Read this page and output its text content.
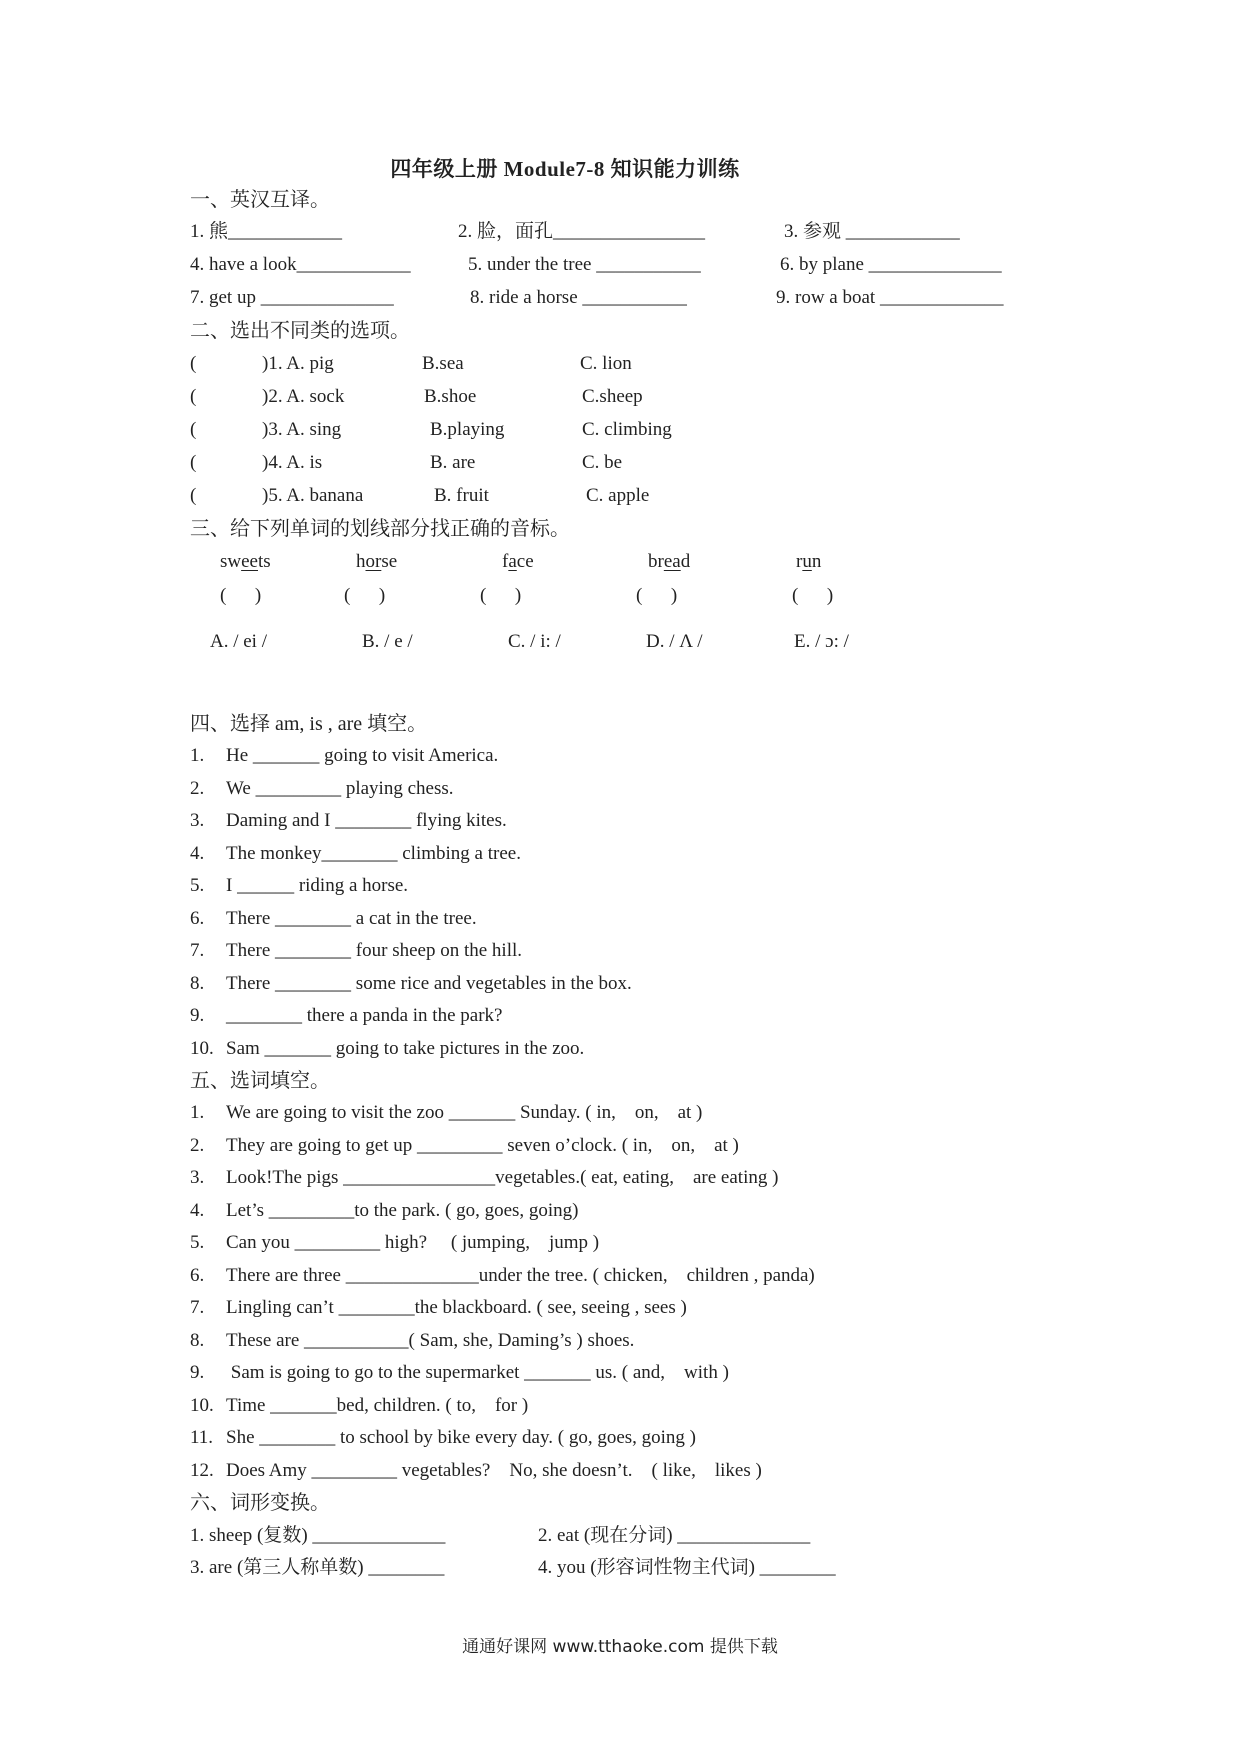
四年级上册 Module7-8 知识能力训练
一、英汉互译。
1. 熊____________	2. 脸，面孔________________	3. 参观 ____________
4. have a look____________	5. under the tree ___________	6. by plane ______________
7. get up ______________	8. ride a horse ___________	9. row a boat _____________
二、选出不同类的选项。
(	)1. A. pig	B.sea	C. lion
(	)2. A. sock	B.shoe	C.sheep
(	)3. A. sing	B.playing	C. climbing
(	)4. A. is	B. are	C. be
(	)5. A. banana	B. fruit	C. apple
三、给下列单词的划线部分找正确的音标。
sweets	horse	face	bread	run
(      )	(      )	(      )	(      )	(      )
A. / ei /	B. / e /	C. / i: /	D. / Λ /	E. / ɔ: /
四、选择 am, is , are 填空。
1. He _______ going to visit America.
2. We _________ playing chess.
3. Daming and I ________ flying kites.
4. The monkey________ climbing a tree.
5. I ______ riding a horse.
6. There ________ a cat in the tree.
7. There ________ four sheep on the hill.
8. There ________ some rice and vegetables in the box.
9. ________ there a panda in the park?
10. Sam _______ going to take pictures in the zoo.
五、选词填空。
1. We are going to visit the zoo _______ Sunday. ( in,    on,    at )
2. They are going to get up _________ seven o’clock. ( in,    on,    at )
3. Look!The pigs ________________vegetables.( eat, eating,    are eating )
4. Let’s _________to the park. ( go, goes, going)
5. Can you _________ high?     ( jumping,    jump )
6. There are three ______________under the tree. ( chicken,    children , panda)
7. Lingling can’t ________the blackboard. ( see, seeing , sees )
8. These are ___________( Sam, she, Daming’s ) shoes.
9. Sam is going to go to the supermarket _______ us. ( and,    with )
10. Time _______bed, children. ( to,    for )
11. She ________ to school by bike every day. ( go, goes, going )
12. Does Amy _________ vegetables?    No, she doesn’t.    ( like,    likes )
六、词形变换。
1. sheep (复数) ______________	2. eat (现在分词) ______________
3. are (第三人称单数) ________	4. you (形容词性物主代词) ________
通通好课网 www.tthaoke.com 提供下载
